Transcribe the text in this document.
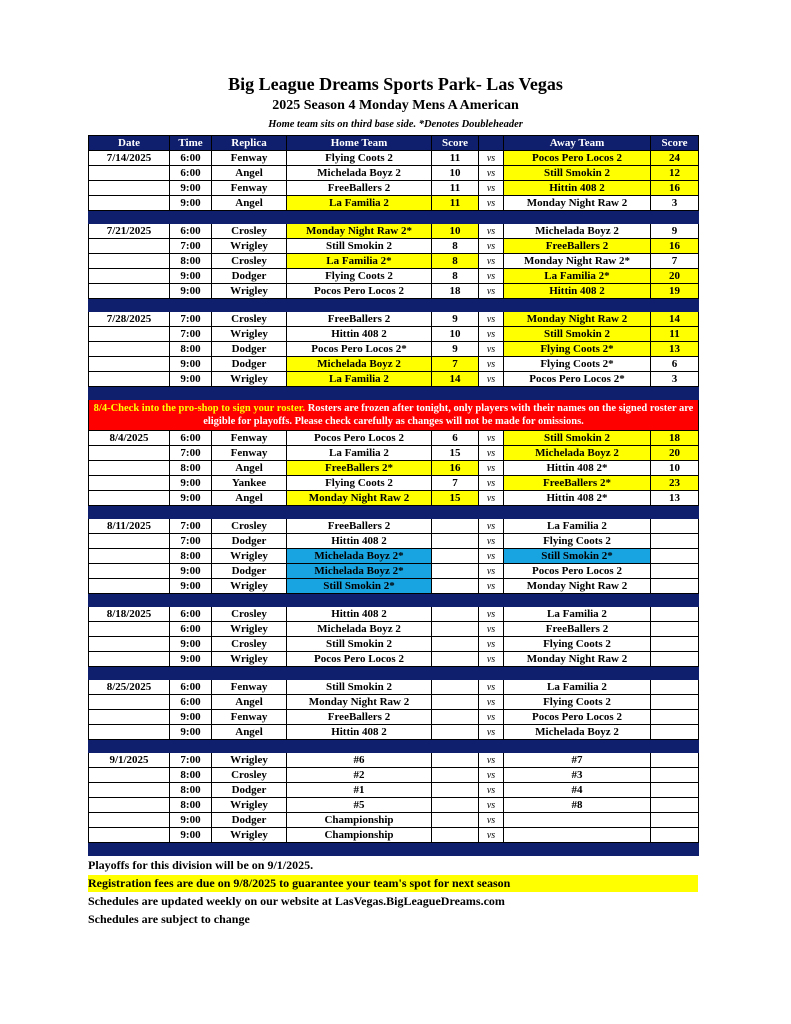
Big League Dreams Sports Park- Las Vegas
2025 Season 4 Monday Mens A American
Home team sits on third base side. *Denotes Doubleheader
Date	Time	Replica	Home Team	Score		Away Team	Score
7/14/2025	6:00	Fenway	Flying Coots 2	11	vs	Pocos Pero Locos 2	24
	6:00	Angel	Michelada Boyz 2	10	vs	Still Smokin 2	12
	9:00	Fenway	FreeBallers 2	11	vs	Hittin 408 2	16
	9:00	Angel	La Familia 2	11	vs	Monday Night Raw 2	3

7/21/2025	6:00	Crosley	Monday Night Raw 2*	10	vs	Michelada Boyz 2	9
	7:00	Wrigley	Still Smokin 2	8	vs	FreeBallers 2	16
	8:00	Crosley	La Familia 2*	8	vs	Monday Night Raw 2*	7
	9:00	Dodger	Flying Coots 2	8	vs	La Familia 2*	20
	9:00	Wrigley	Pocos Pero Locos 2	18	vs	Hittin 408 2	19

7/28/2025	7:00	Crosley	FreeBallers 2	9	vs	Monday Night Raw 2	14
	7:00	Wrigley	Hittin 408 2	10	vs	Still Smokin 2	11
	8:00	Dodger	Pocos Pero Locos 2*	9	vs	Flying Coots 2*	13
	9:00	Dodger	Michelada Boyz 2	7	vs	Flying Coots 2*	6
	9:00	Wrigley	La Familia 2	14	vs	Pocos Pero Locos 2*	3

8/4-Check into the pro-shop to sign your roster. Rosters are frozen after tonight, only players with their names on the signed roster are eligible for playoffs. Please check carefully as changes will not be made for omissions.							
8/4/2025	6:00	Fenway	Pocos Pero Locos 2	6	vs	Still Smokin 2	18
	7:00	Fenway	La Familia 2	15	vs	Michelada Boyz 2	20
	8:00	Angel	FreeBallers 2*	16	vs	Hittin 408 2*	10
	9:00	Yankee	Flying Coots 2	7	vs	FreeBallers 2*	23
	9:00	Angel	Monday Night Raw 2	15	vs	Hittin 408 2*	13

8/11/2025	7:00	Crosley	FreeBallers 2		vs	La Familia 2	
	7:00	Dodger	Hittin 408 2		vs	Flying Coots 2	
	8:00	Wrigley	Michelada Boyz 2*		vs	Still Smokin 2*	
	9:00	Dodger	Michelada Boyz 2*		vs	Pocos Pero Locos 2	
	9:00	Wrigley	Still Smokin 2*		vs	Monday Night Raw 2	

8/18/2025	6:00	Crosley	Hittin 408 2		vs	La Familia 2	
	6:00	Wrigley	Michelada Boyz 2		vs	FreeBallers 2	
	9:00	Crosley	Still Smokin 2		vs	Flying Coots 2	
	9:00	Wrigley	Pocos Pero Locos 2		vs	Monday Night Raw 2	

8/25/2025	6:00	Fenway	Still Smokin 2		vs	La Familia 2	
	6:00	Angel	Monday Night Raw 2		vs	Flying Coots 2	
	9:00	Fenway	FreeBallers 2		vs	Pocos Pero Locos 2	
	9:00	Angel	Hittin 408 2		vs	Michelada Boyz 2	

9/1/2025	7:00	Wrigley	#6		vs	#7	
	8:00	Crosley	#2		vs	#3	
	8:00	Dodger	#1		vs	#4	
	8:00	Wrigley	#5		vs	#8	
	9:00	Dodger	Championship		vs		
	9:00	Wrigley	Championship		vs		

Playoffs for this division will be on 9/1/2025.
Registration fees are due on 9/8/2025 to guarantee your team's spot for next season
Schedules are updated weekly on our website at LasVegas.BigLeagueDreams.com
Schedules are subject to change
